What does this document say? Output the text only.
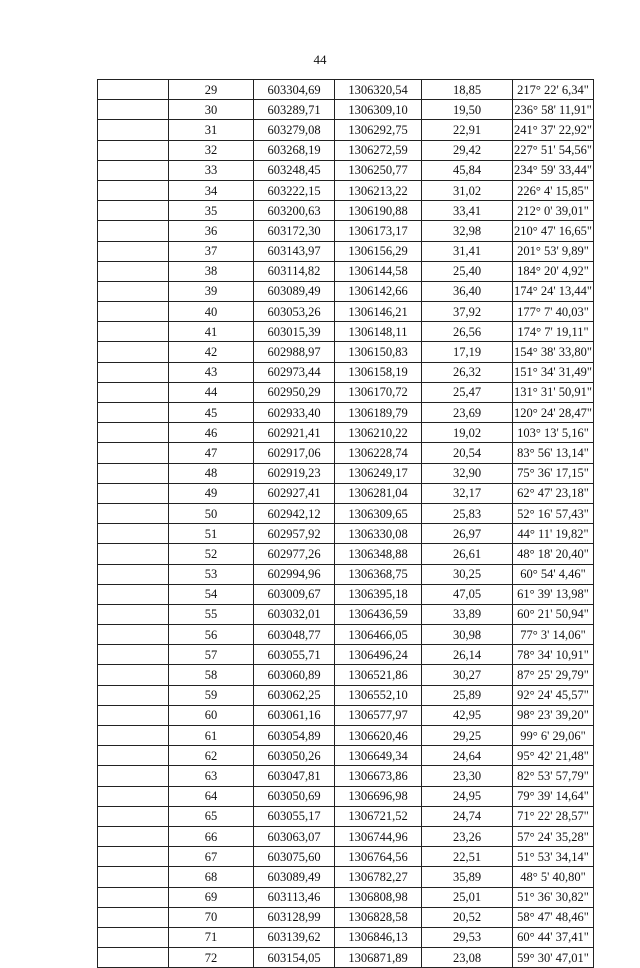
44
	29	603304,69	1306320,54	18,85	217° 22' 6,34"
	30	603289,71	1306309,10	19,50	236° 58' 11,91"
	31	603279,08	1306292,75	22,91	241° 37' 22,92"
	32	603268,19	1306272,59	29,42	227° 51' 54,56"
	33	603248,45	1306250,77	45,84	234° 59' 33,44"
	34	603222,15	1306213,22	31,02	226° 4' 15,85"
	35	603200,63	1306190,88	33,41	212° 0' 39,01"
	36	603172,30	1306173,17	32,98	210° 47' 16,65"
	37	603143,97	1306156,29	31,41	201° 53' 9,89"
	38	603114,82	1306144,58	25,40	184° 20' 4,92"
	39	603089,49	1306142,66	36,40	174° 24' 13,44"
	40	603053,26	1306146,21	37,92	177° 7' 40,03"
	41	603015,39	1306148,11	26,56	174° 7' 19,11"
	42	602988,97	1306150,83	17,19	154° 38' 33,80"
	43	602973,44	1306158,19	26,32	151° 34' 31,49"
	44	602950,29	1306170,72	25,47	131° 31' 50,91"
	45	602933,40	1306189,79	23,69	120° 24' 28,47"
	46	602921,41	1306210,22	19,02	103° 13' 5,16"
	47	602917,06	1306228,74	20,54	83° 56' 13,14"
	48	602919,23	1306249,17	32,90	75° 36' 17,15"
	49	602927,41	1306281,04	32,17	62° 47' 23,18"
	50	602942,12	1306309,65	25,83	52° 16' 57,43"
	51	602957,92	1306330,08	26,97	44° 11' 19,82"
	52	602977,26	1306348,88	26,61	48° 18' 20,40"
	53	602994,96	1306368,75	30,25	60° 54' 4,46"
	54	603009,67	1306395,18	47,05	61° 39' 13,98"
	55	603032,01	1306436,59	33,89	60° 21' 50,94"
	56	603048,77	1306466,05	30,98	77° 3' 14,06"
	57	603055,71	1306496,24	26,14	78° 34' 10,91"
	58	603060,89	1306521,86	30,27	87° 25' 29,79"
	59	603062,25	1306552,10	25,89	92° 24' 45,57"
	60	603061,16	1306577,97	42,95	98° 23' 39,20"
	61	603054,89	1306620,46	29,25	99° 6' 29,06"
	62	603050,26	1306649,34	24,64	95° 42' 21,48"
	63	603047,81	1306673,86	23,30	82° 53' 57,79"
	64	603050,69	1306696,98	24,95	79° 39' 14,64"
	65	603055,17	1306721,52	24,74	71° 22' 28,57"
	66	603063,07	1306744,96	23,26	57° 24' 35,28"
	67	603075,60	1306764,56	22,51	51° 53' 34,14"
	68	603089,49	1306782,27	35,89	48° 5' 40,80"
	69	603113,46	1306808,98	25,01	51° 36' 30,82"
	70	603128,99	1306828,58	20,52	58° 47' 48,46"
	71	603139,62	1306846,13	29,53	60° 44' 37,41"
	72	603154,05	1306871,89	23,08	59° 30' 47,01"
